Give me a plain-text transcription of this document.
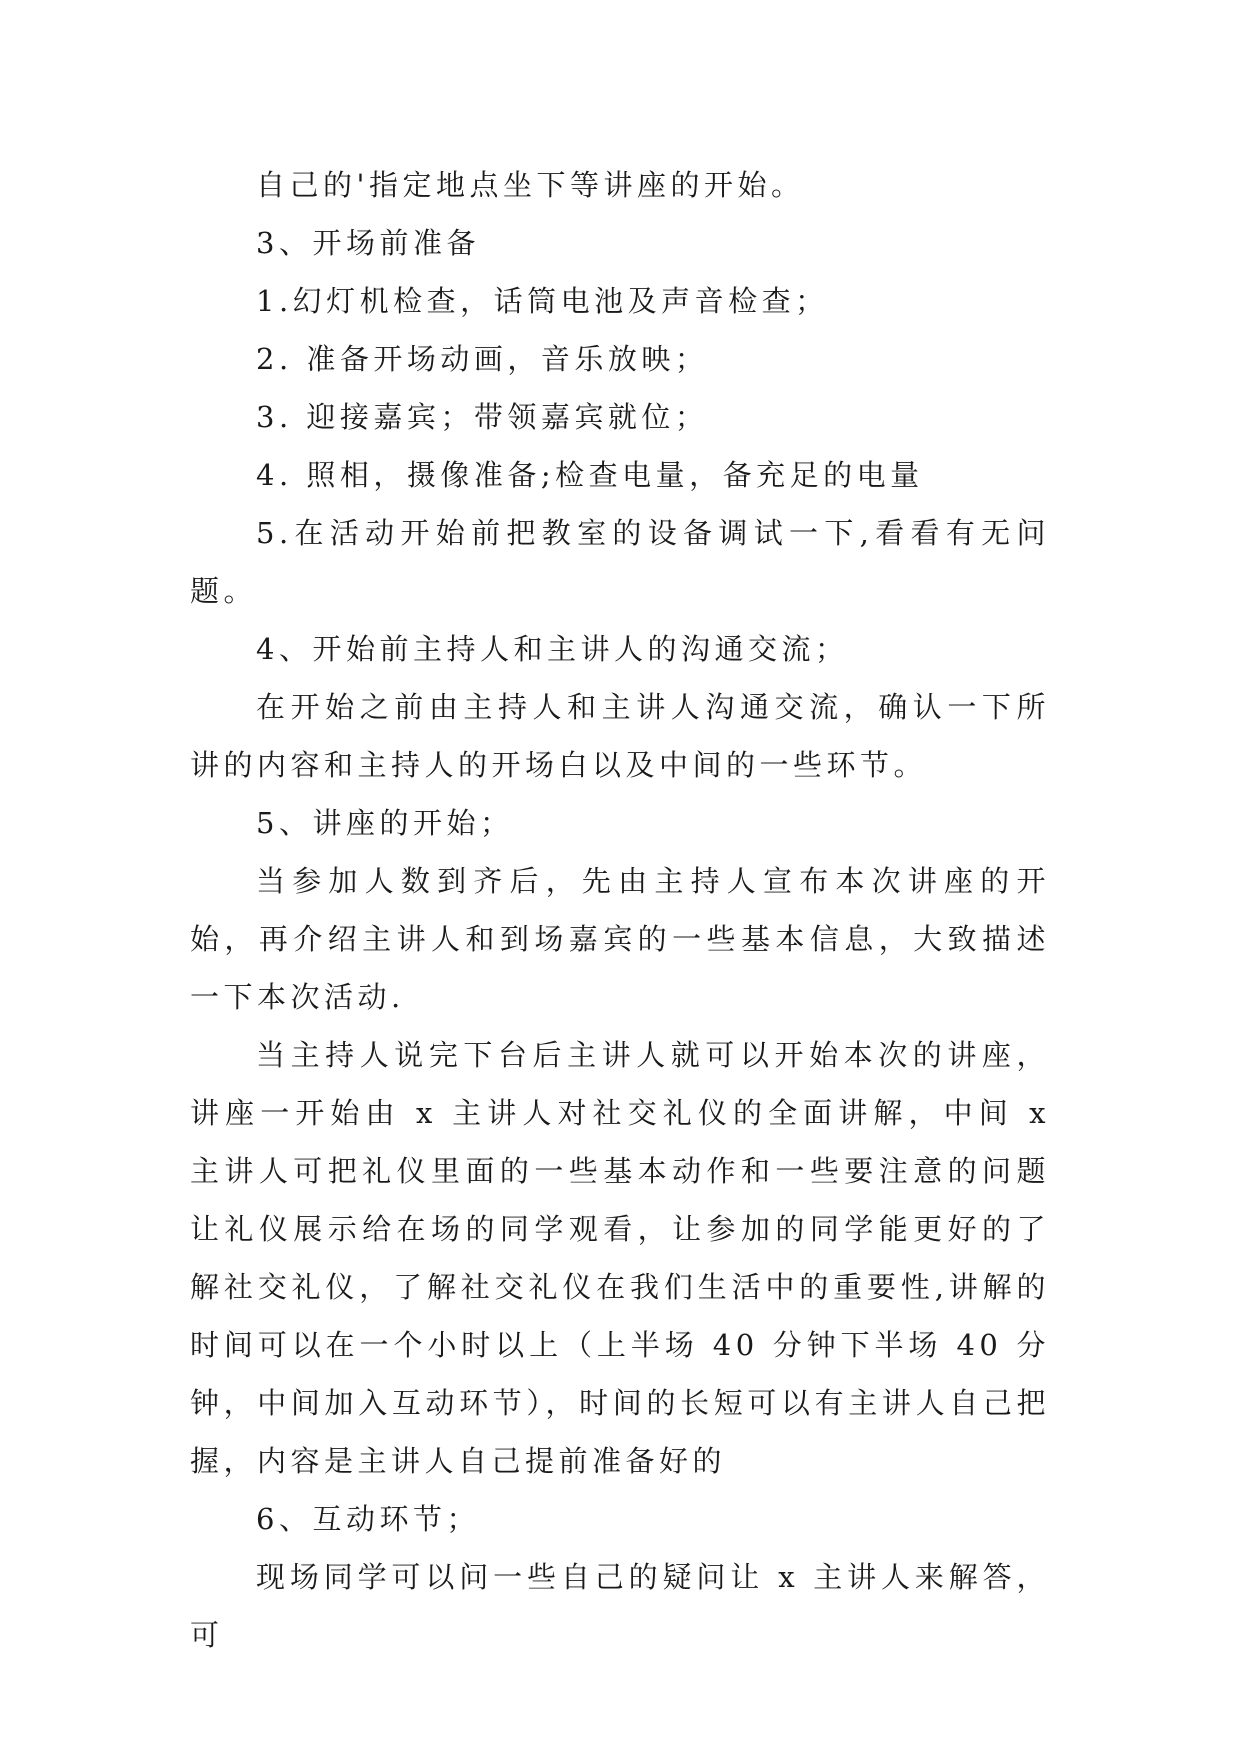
自己的'指定地点坐下等讲座的开始。

3、开场前准备

1.幻灯机检查，话筒电池及声音检查；

2. 准备开场动画，音乐放映；

3. 迎接嘉宾；带领嘉宾就位；

4. 照相，摄像准备;检查电量，备充足的电量

5.在活动开始前把教室的设备调试一下,看看有无问题。

4、开始前主持人和主讲人的沟通交流；

在开始之前由主持人和主讲人沟通交流，确认一下所讲的内容和主持人的开场白以及中间的一些环节。

5、讲座的开始；

当参加人数到齐后，先由主持人宣布本次讲座的开始，再介绍主讲人和到场嘉宾的一些基本信息，大致描述一下本次活动.

当主持人说完下台后主讲人就可以开始本次的讲座，讲座一开始由 x 主讲人对社交礼仪的全面讲解，中间 x 主讲人可把礼仪里面的一些基本动作和一些要注意的问题让礼仪展示给在场的同学观看，让参加的同学能更好的了解社交礼仪，了解社交礼仪在我们生活中的重要性,讲解的时间可以在一个小时以上（上半场 40 分钟下半场 40 分钟，中间加入互动环节），时间的长短可以有主讲人自己把握，内容是主讲人自己提前准备好的

6、互动环节；

现场同学可以问一些自己的疑问让 x 主讲人来解答，可
